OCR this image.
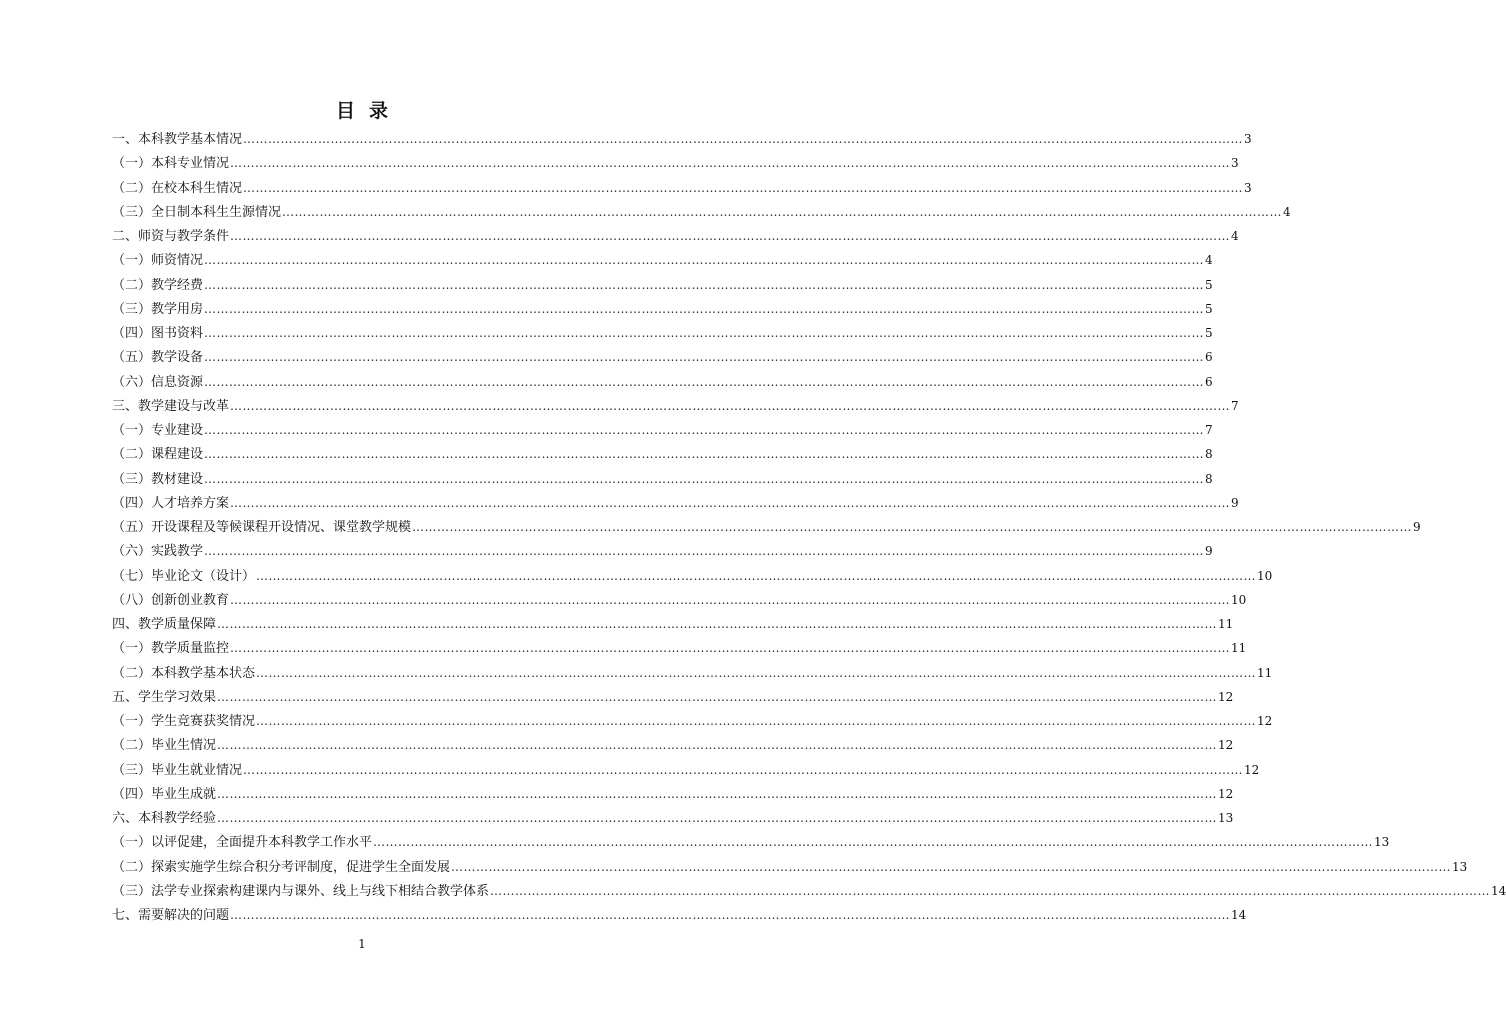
目录
一、本科教学基本情况 …………………………………………………………………………………………………………………………………………………………………………………………………………………… 3
（一）本科专业情况 …………………………………………………………………………………………………………………………………………………………………………………………………………………… 3
（二）在校本科生情况 …………………………………………………………………………………………………………………………………………………………………………………………………………………… 3
（三）全日制本科生生源情况 …………………………………………………………………………………………………………………………………………………………………………………………………………………… 4
二、师资与教学条件 …………………………………………………………………………………………………………………………………………………………………………………………………………………… 4
（一）师资情况 …………………………………………………………………………………………………………………………………………………………………………………………………………………… 4
（二）教学经费 …………………………………………………………………………………………………………………………………………………………………………………………………………………… 5
（三）教学用房 …………………………………………………………………………………………………………………………………………………………………………………………………………………… 5
（四）图书资料 …………………………………………………………………………………………………………………………………………………………………………………………………………………… 5
（五）教学设备 …………………………………………………………………………………………………………………………………………………………………………………………………………………… 6
（六）信息资源 …………………………………………………………………………………………………………………………………………………………………………………………………………………… 6
三、教学建设与改革 …………………………………………………………………………………………………………………………………………………………………………………………………………………… 7
（一）专业建设 …………………………………………………………………………………………………………………………………………………………………………………………………………………… 7
（二）课程建设 …………………………………………………………………………………………………………………………………………………………………………………………………………………… 8
（三）教材建设 …………………………………………………………………………………………………………………………………………………………………………………………………………………… 8
（四）人才培养方案 …………………………………………………………………………………………………………………………………………………………………………………………………………………… 9
（五）开设课程及等候课程开设情况、课堂教学规模 …………………………………………………………………………………………………………………………………………………………………………………………………………………… 9
（六）实践教学 …………………………………………………………………………………………………………………………………………………………………………………………………………………… 9
（七）毕业论文（设计） …………………………………………………………………………………………………………………………………………………………………………………………………………………… 10
（八）创新创业教育 …………………………………………………………………………………………………………………………………………………………………………………………………………………… 10
四、教学质量保障 …………………………………………………………………………………………………………………………………………………………………………………………………………………… 11
（一）教学质量监控 …………………………………………………………………………………………………………………………………………………………………………………………………………………… 11
（二）本科教学基本状态 …………………………………………………………………………………………………………………………………………………………………………………………………………………… 11
五、学生学习效果 …………………………………………………………………………………………………………………………………………………………………………………………………………………… 12
（一）学生竞赛获奖情况 …………………………………………………………………………………………………………………………………………………………………………………………………………………… 12
（二）毕业生情况 …………………………………………………………………………………………………………………………………………………………………………………………………………………… 12
（三）毕业生就业情况 …………………………………………………………………………………………………………………………………………………………………………………………………………………… 12
（四）毕业生成就 …………………………………………………………………………………………………………………………………………………………………………………………………………………… 12
六、本科教学经验 …………………………………………………………………………………………………………………………………………………………………………………………………………………… 13
（一）以评促建，全面提升本科教学工作水平 …………………………………………………………………………………………………………………………………………………………………………………………………………………… 13
（二）探索实施学生综合积分考评制度，促进学生全面发展 …………………………………………………………………………………………………………………………………………………………………………………………………………………… 13
（三）法学专业探索构建课内与课外、线上与线下相结合教学体系 …………………………………………………………………………………………………………………………………………………………………………………………………………………… 14
七、需要解决的问题 …………………………………………………………………………………………………………………………………………………………………………………………………………………… 14
1
